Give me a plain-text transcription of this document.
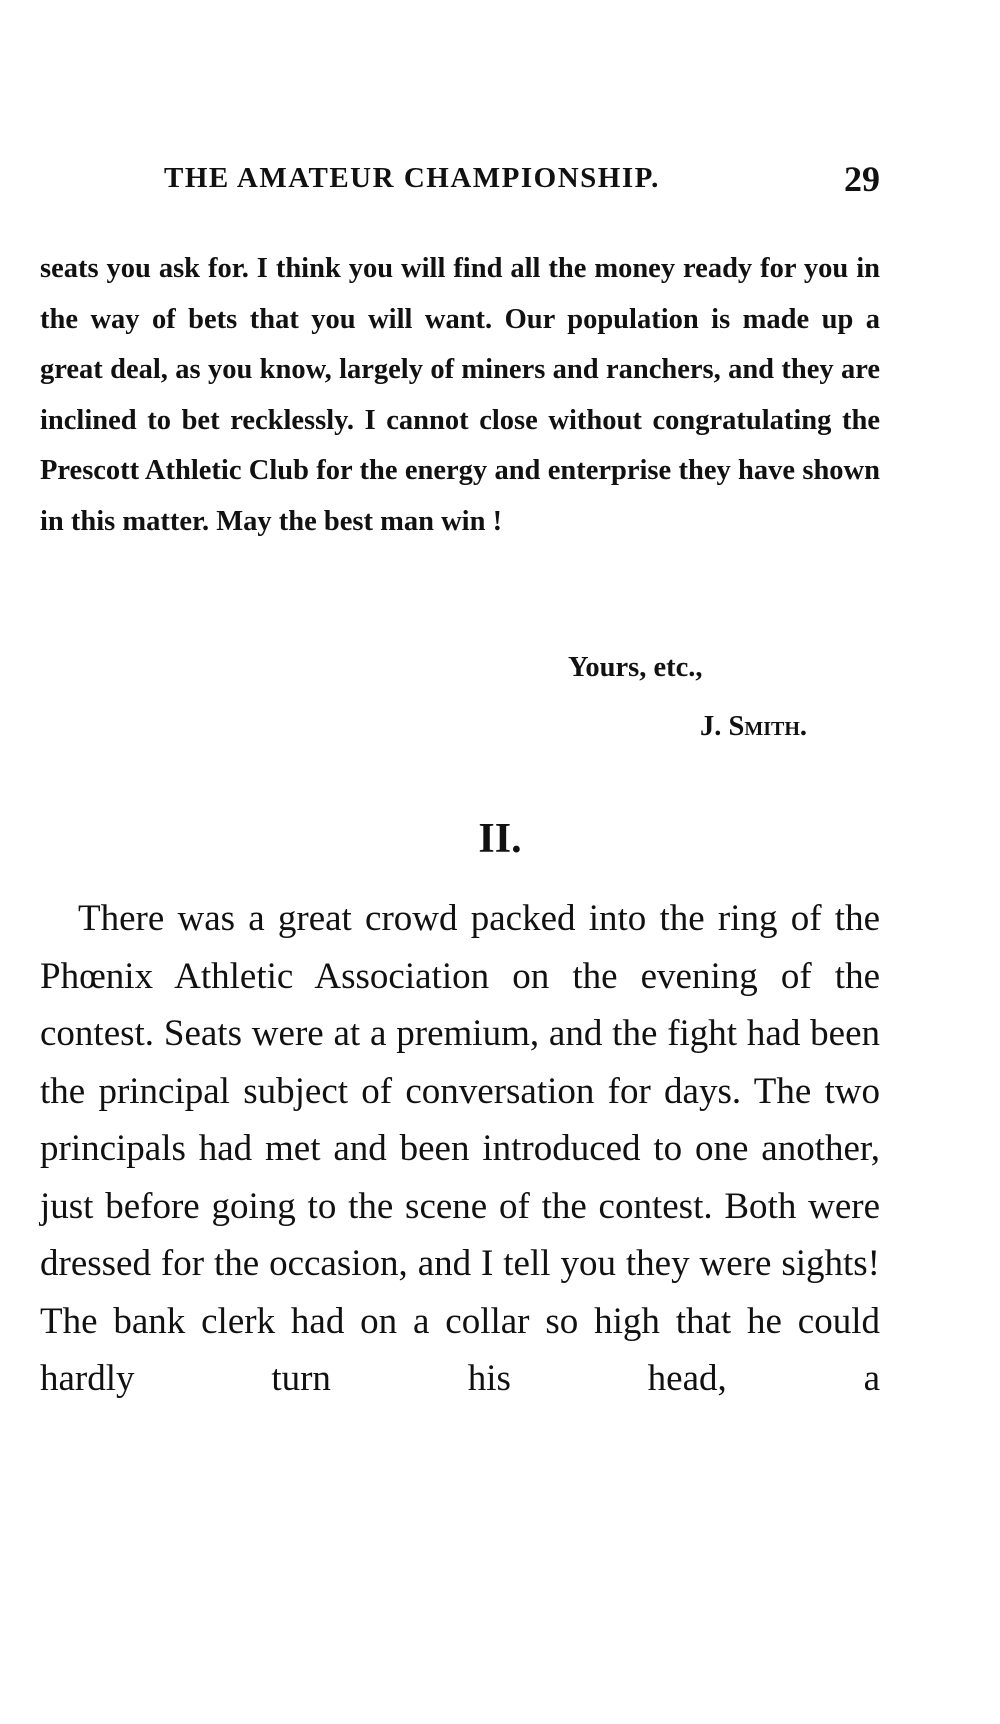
THE AMATEUR CHAMPIONSHIP.	29
seats you ask for. I think you will find all the money ready for you in the way of bets that you will want. Our population is made up a great deal, as you know, largely of miners and ranchers, and they are inclined to bet recklessly. I cannot close without congratulating the Prescott Athletic Club for the energy and enterprise they have shown in this matter. May the best man win !
Yours, etc.,
J. Smith.
II.

There was a great crowd packed into the ring of the Phœnix Athletic Association on the evening of the contest. Seats were at a premium, and the fight had been the principal subject of conversation for days. The two principals had met and been introduced to one another, just before going to the scene of the contest. Both were dressed for the occasion, and I tell you they were sights! The bank clerk had on a collar so high that he could hardly turn his head, a
